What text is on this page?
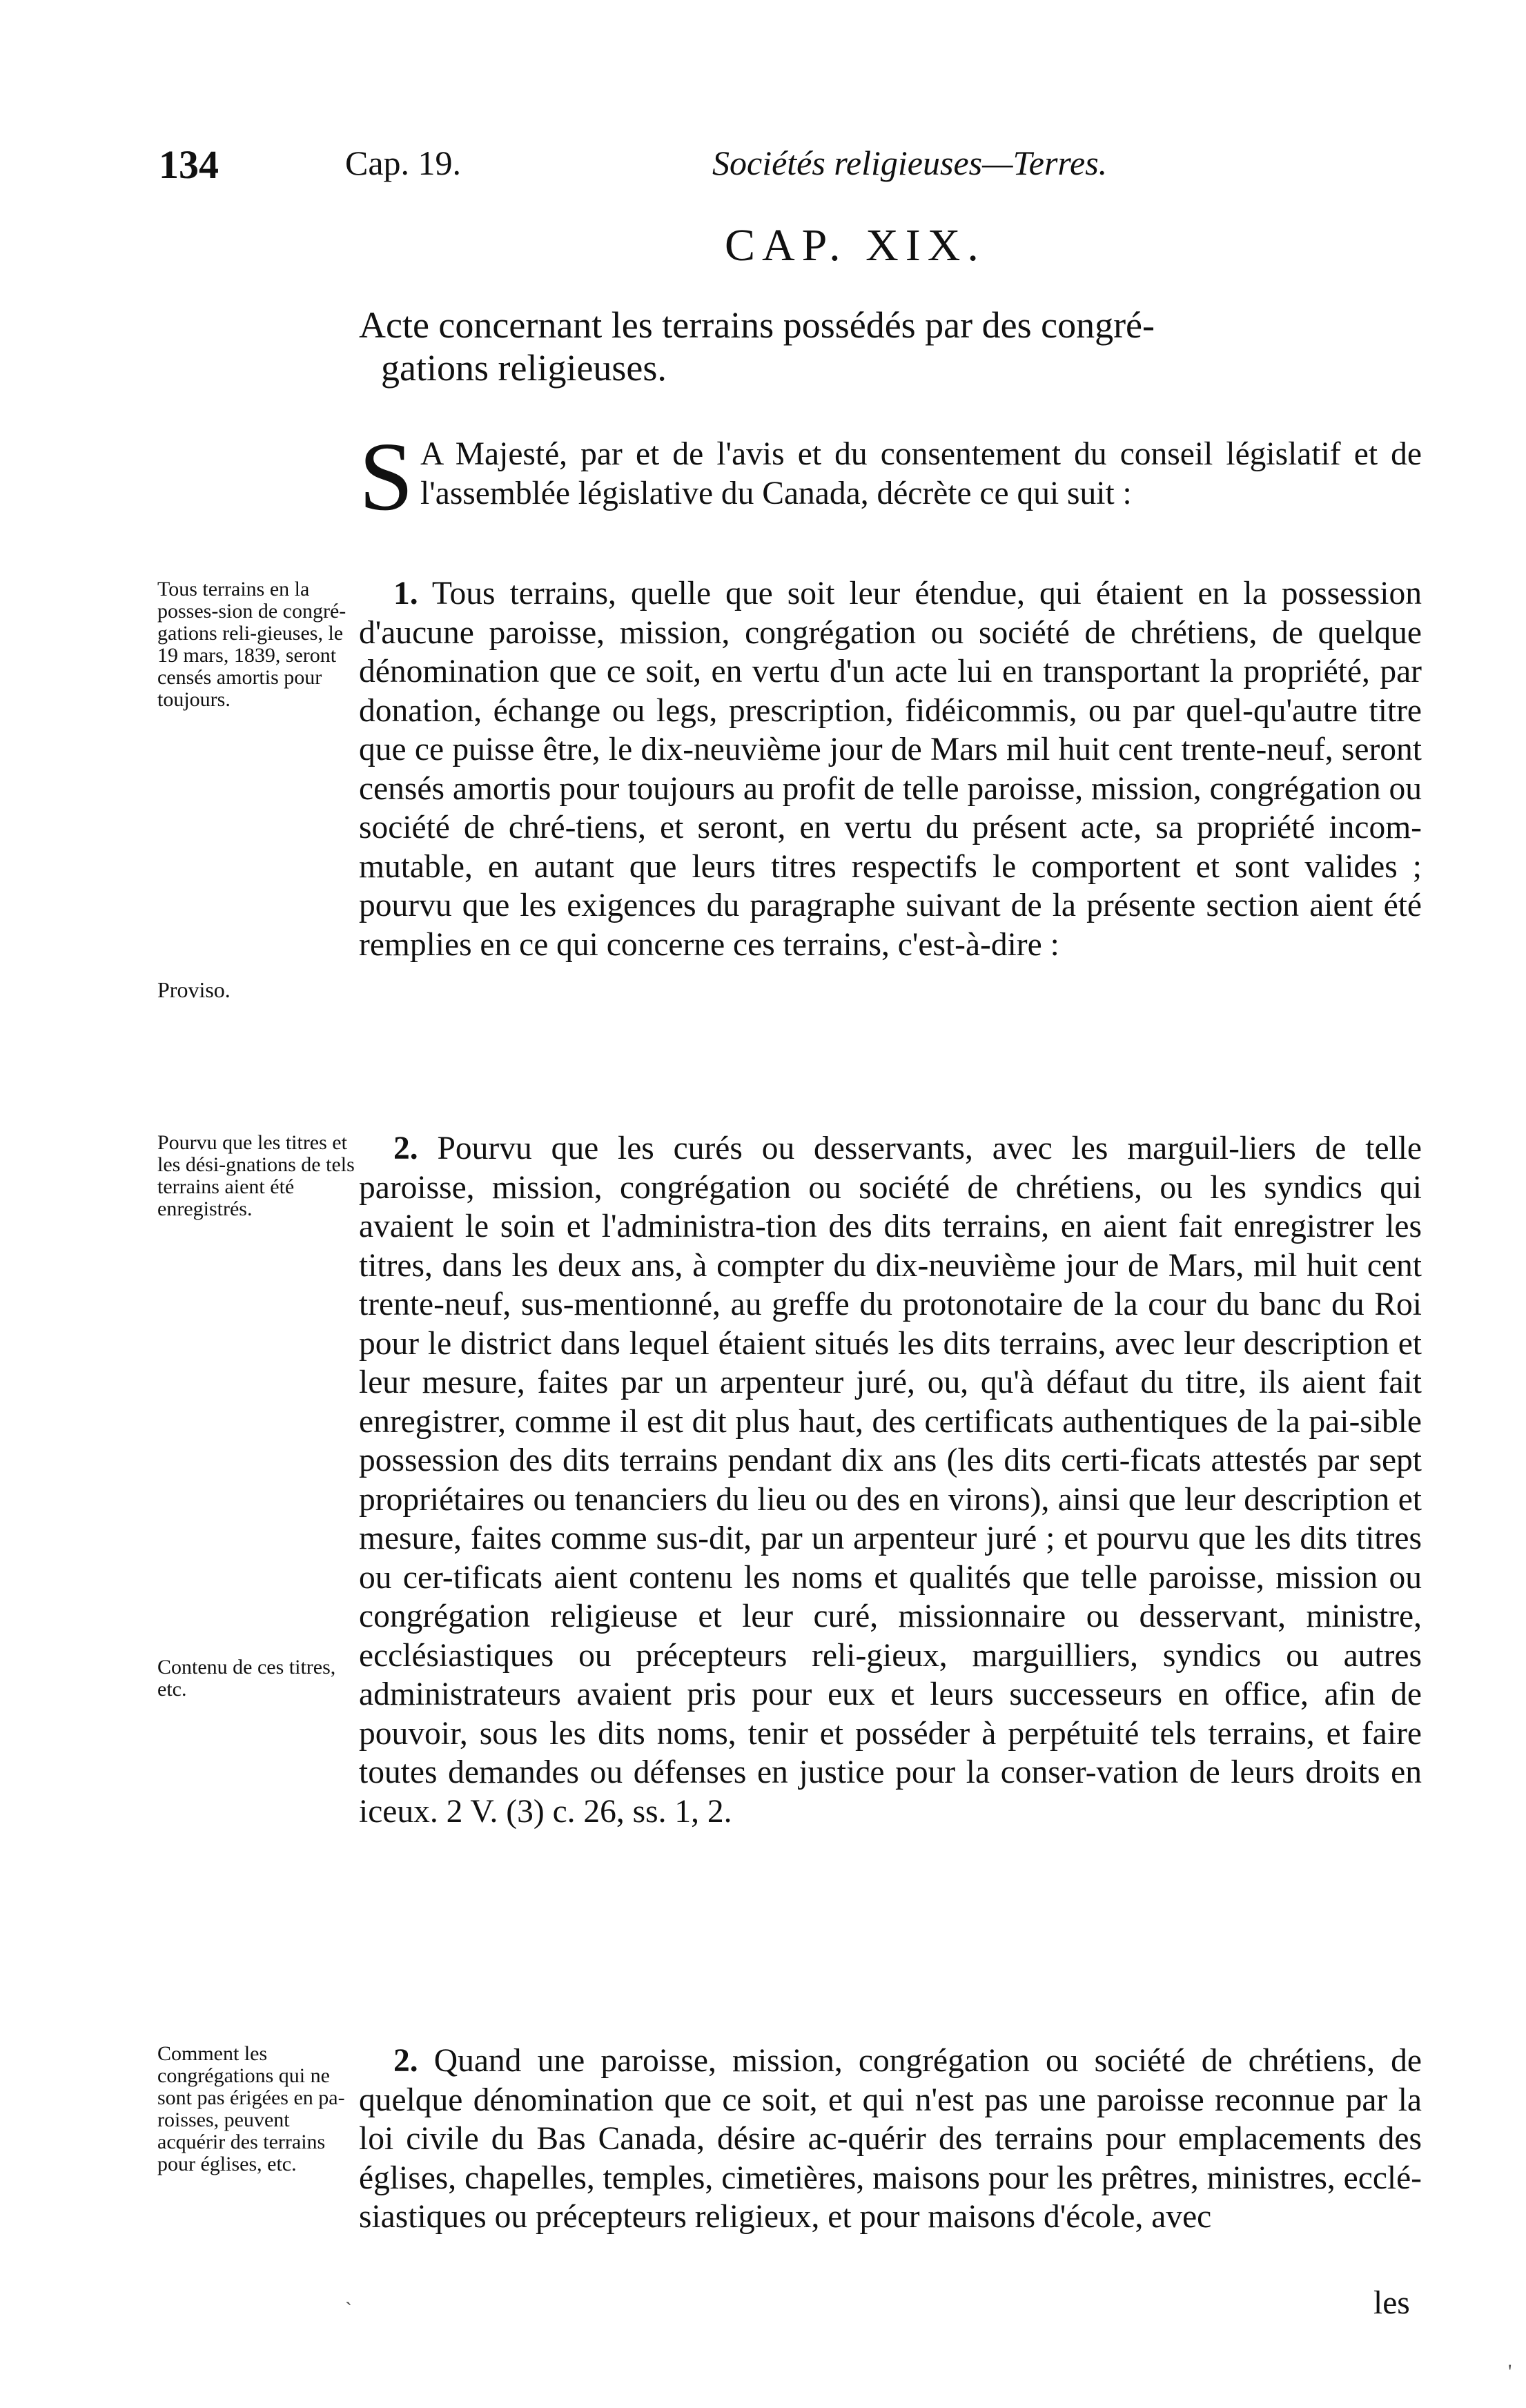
134	Cap. 19.	Sociétés religieuses—Terres.
CAP. XIX.
Acte concernant les terrains possédés par des congré-
gations religieuses.

S A Majesté, par et de l'avis et du consentement du conseil législatif et de l'assemblée législative du Canada, décrète ce qui suit :

1. Tous terrains, quelle que soit leur étendue, qui étaient en la possession d'aucune paroisse, mission, congrégation ou société de chrétiens, de quelque dénomination que ce soit, en vertu d'un acte lui en transportant la propriété, par donation, échange ou legs, prescription, fidéicommis, ou par quel-qu'autre titre que ce puisse être, le dix-neuvième jour de Mars mil huit cent trente-neuf, seront censés amortis pour toujours au profit de telle paroisse, mission, congrégation ou société de chré-tiens, et seront, en vertu du présent acte, sa propriété incom-mutable, en autant que leurs titres respectifs le comportent et sont valides ; pourvu que les exigences du paragraphe suivant de la présente section aient été remplies en ce qui concerne ces terrains, c'est-à-dire :

2. Pourvu que les curés ou desservants, avec les marguil-liers de telle paroisse, mission, congrégation ou société de chrétiens, ou les syndics qui avaient le soin et l'administra-tion des dits terrains, en aient fait enregistrer les titres, dans les deux ans, à compter du dix-neuvième jour de Mars, mil huit cent trente-neuf, sus-mentionné, au greffe du protonotaire de la cour du banc du Roi pour le district dans lequel étaient situés les dits terrains, avec leur description et leur mesure, faites par un arpenteur juré, ou, qu'à défaut du titre, ils aient fait enregistrer, comme il est dit plus haut, des certificats authentiques de la pai-sible possession des dits terrains pendant dix ans (les dits certi-ficats attestés par sept propriétaires ou tenanciers du lieu ou des en virons), ainsi que leur description et mesure, faites comme sus-dit, par un arpenteur juré ; et pourvu que les dits titres ou cer-tificats aient contenu les noms et qualités que telle paroisse, mission ou congrégation religieuse et leur curé, missionnaire ou desservant, ministre, ecclésiastiques ou précepteurs reli-gieux, marguilliers, syndics ou autres administrateurs avaient pris pour eux et leurs successeurs en office, afin de pouvoir, sous les dits noms, tenir et posséder à perpétuité tels terrains, et faire toutes demandes ou défenses en justice pour la conser-vation de leurs droits en iceux. 2 V. (3) c. 26, ss. 1, 2.

2. Quand une paroisse, mission, congrégation ou société de chrétiens, de quelque dénomination que ce soit, et qui n'est pas une paroisse reconnue par la loi civile du Bas Canada, désire ac-quérir des terrains pour emplacements des églises, chapelles, temples, cimetières, maisons pour les prêtres, ministres, ecclé-siastiques ou précepteurs religieux, et pour maisons d'école, avec

les
Tous terrains en la posses-sion de congré-gations reli-gieuses, le 19 mars, 1839, seront censés amortis pour toujours.
Proviso.
Pourvu que les titres et les dési-gnations de tels terrains aient été enregistrés.
Contenu de ces titres, etc.
Comment les congrégations qui ne sont pas érigées en pa-roisses, peuvent acquérir des terrains pour églises, etc.
`
'
